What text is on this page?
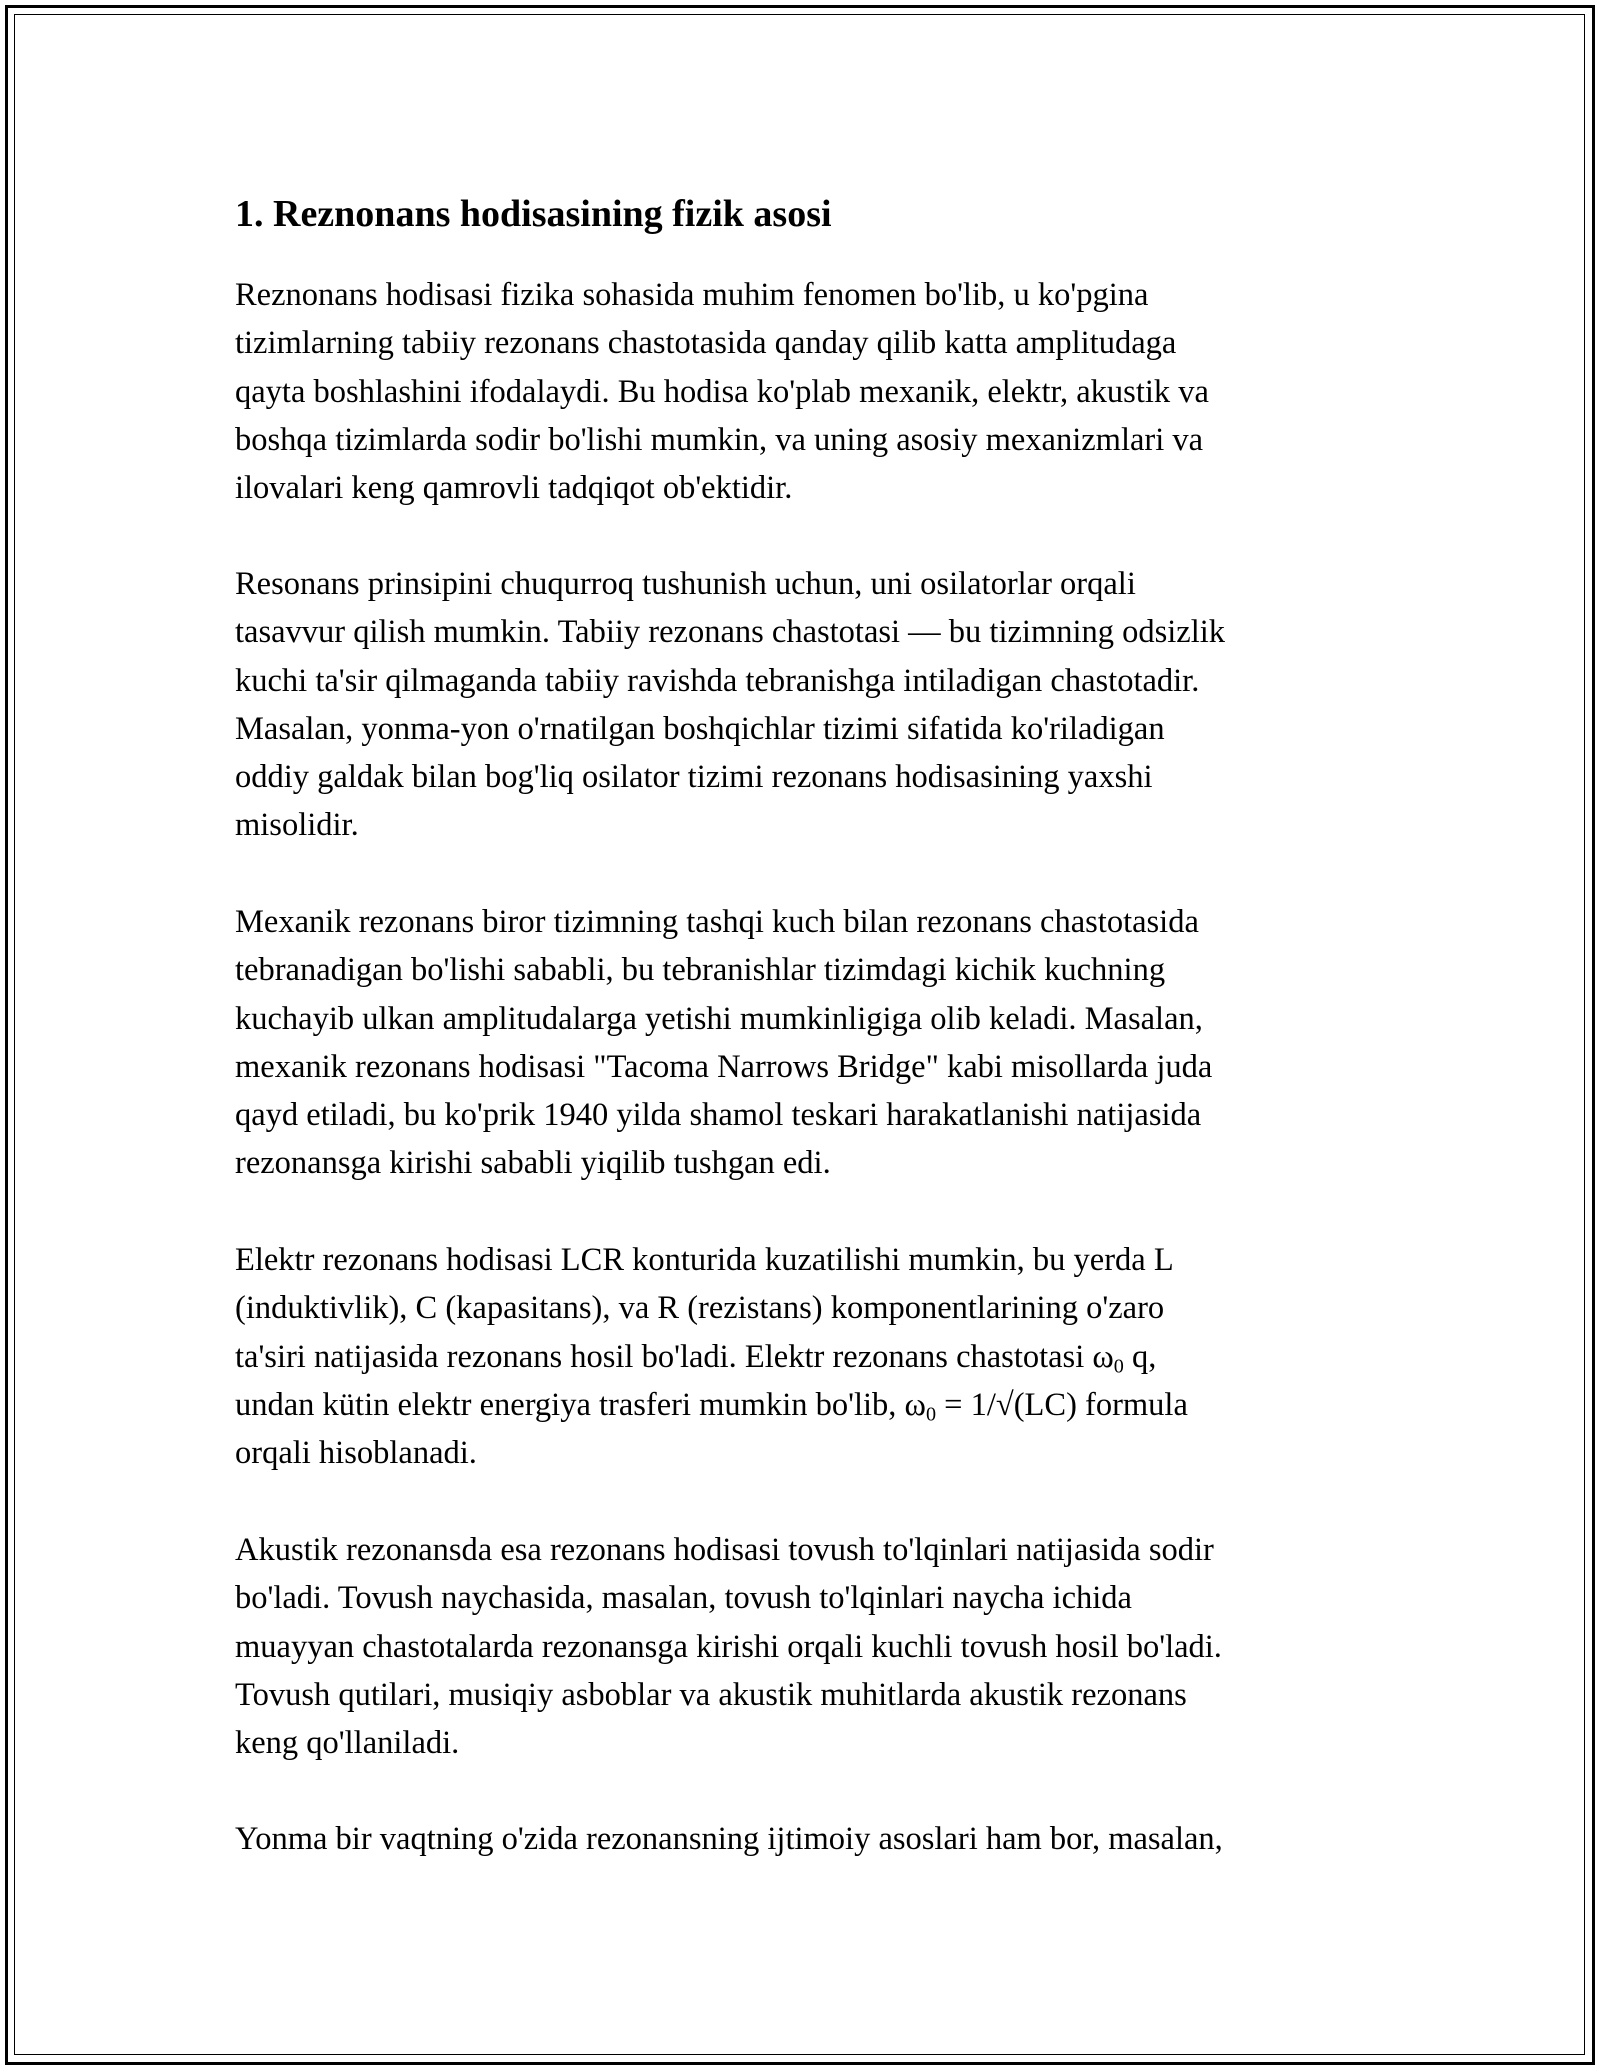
1. Reznonans hodisasining fizik asosi

Reznonans hodisasi fizika sohasida muhim fenomen bo'lib, u ko'pgina
tizimlarning tabiiy rezonans chastotasida qanday qilib katta amplitudaga
qayta boshlashini ifodalaydi. Bu hodisa ko'plab mexanik, elektr, akustik va
boshqa tizimlarda sodir bo'lishi mumkin, va uning asosiy mexanizmlari va
ilovalari keng qamrovli tadqiqot ob'ektidir.

Resonans prinsipini chuqurroq tushunish uchun, uni osilatorlar orqali
tasavvur qilish mumkin. Tabiiy rezonans chastotasi — bu tizimning odsizlik
kuchi ta'sir qilmaganda tabiiy ravishda tebranishga intiladigan chastotadir.
Masalan, yonma-yon o'rnatilgan boshqichlar tizimi sifatida ko'riladigan
oddiy galdak bilan bog'liq osilator tizimi rezonans hodisasining yaxshi
misolidir.

Mexanik rezonans biror tizimning tashqi kuch bilan rezonans chastotasida
tebranadigan bo'lishi sababli, bu tebranishlar tizimdagi kichik kuchning
kuchayib ulkan amplitudalarga yetishi mumkinligiga olib keladi. Masalan,
mexanik rezonans hodisasi "Tacoma Narrows Bridge" kabi misollarda juda
qayd etiladi, bu ko'prik 1940 yilda shamol teskari harakatlanishi natijasida
rezonansga kirishi sababli yiqilib tushgan edi.

Elektr rezonans hodisasi LCR konturida kuzatilishi mumkin, bu yerda L
(induktivlik), C (kapasitans), va R (rezistans) komponentlarining o'zaro
ta'siri natijasida rezonans hosil bo'ladi. Elektr rezonans chastotasi $\omega_0$ q,
undan kütin elektr energiya trasferi mumkin bo'lib, $\omega_0 = 1/√(LC)$ formula
orqali hisoblanadi.

Akustik rezonansda esa rezonans hodisasi tovush to'lqinlari natijasida sodir
bo'ladi. Tovush naychasida, masalan, tovush to'lqinlari naycha ichida
muayyan chastotalarda rezonansga kirishi orqali kuchli tovush hosil bo'ladi.
Tovush qutilari, musiqiy asboblar va akustik muhitlarda akustik rezonans
keng qo'llaniladi.

Yonma bir vaqtning o'zida rezonansning ijtimoiy asoslari ham bor, masalan,
